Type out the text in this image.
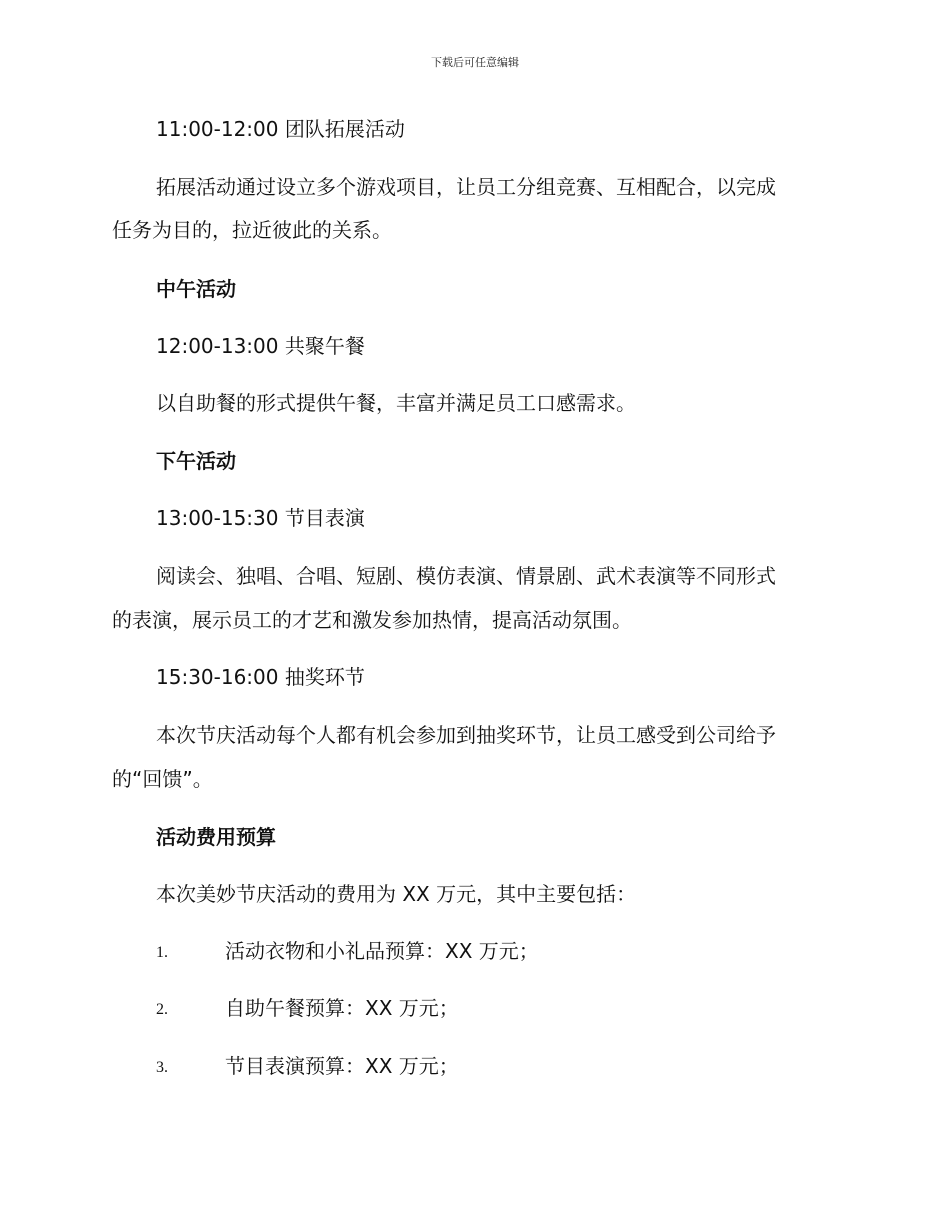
下载后可任意编辑
11:00-12:00 团队拓展活动
拓展活动通过设立多个游戏项目，让员工分组竞赛、互相配合，以完成
任务为目的，拉近彼此的关系。
中午活动
12:00-13:00 共聚午餐
以自助餐的形式提供午餐，丰富并满足员工口感需求。
下午活动
13:00-15:30 节目表演
阅读会、独唱、合唱、短剧、模仿表演、情景剧、武术表演等不同形式
的表演，展示员工的才艺和激发参加热情，提高活动氛围。
15:30-16:00 抽奖环节
本次节庆活动每个人都有机会参加到抽奖环节，让员工感受到公司给予
的“回馈”。
活动费用预算
本次美妙节庆活动的费用为 XX 万元，其中主要包括：
1.	活动衣物和小礼品预算：XX 万元；
2.	自助午餐预算：XX 万元；
3.	节目表演预算：XX 万元；
